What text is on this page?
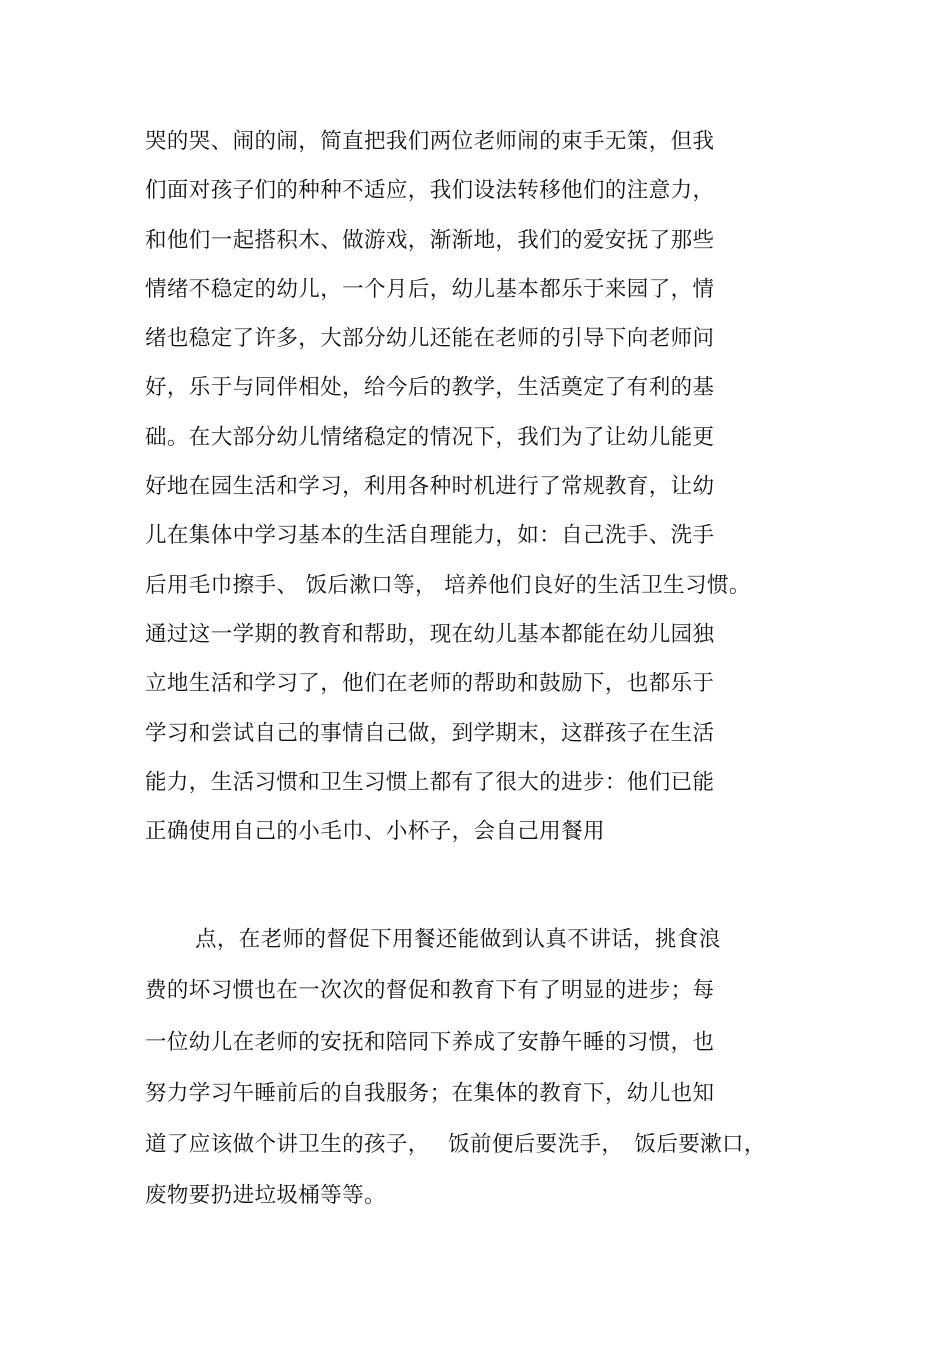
哭的哭、闹的闹，简直把我们两位老师闹的束手无策，但我
们面对孩子们的种种不适应，我们设法转移他们的注意力，
和他们一起搭积木、做游戏，渐渐地，我们的爱安抚了那些
情绪不稳定的幼儿，一个月后，幼儿基本都乐于来园了，情
绪也稳定了许多，大部分幼儿还能在老师的引导下向老师问
好，乐于与同伴相处，给今后的教学，生活奠定了有利的基
础。在大部分幼儿情绪稳定的情况下，我们为了让幼儿能更
好地在园生活和学习，利用各种时机进行了常规教育，让幼
儿在集体中学习基本的生活自理能力，如：自己洗手、洗手
后用毛巾擦手、 饭后漱口等， 培养他们良好的生活卫生习惯。
通过这一学期的教育和帮助，现在幼儿基本都能在幼儿园独
立地生活和学习了，他们在老师的帮助和鼓励下，也都乐于
学习和尝试自己的事情自己做，到学期末，这群孩子在生活
能力，生活习惯和卫生习惯上都有了很大的进步：他们已能
正确使用自己的小毛巾、小杯子，会自己用餐用
点，在老师的督促下用餐还能做到认真不讲话，挑食浪
费的坏习惯也在一次次的督促和教育下有了明显的进步；每
一位幼儿在老师的安抚和陪同下养成了安静午睡的习惯，也
努力学习午睡前后的自我服务；在集体的教育下，幼儿也知
道了应该做个讲卫生的孩子，　 饭前便后要洗手，　饭后要漱口，
废物要扔进垃圾桶等等。
